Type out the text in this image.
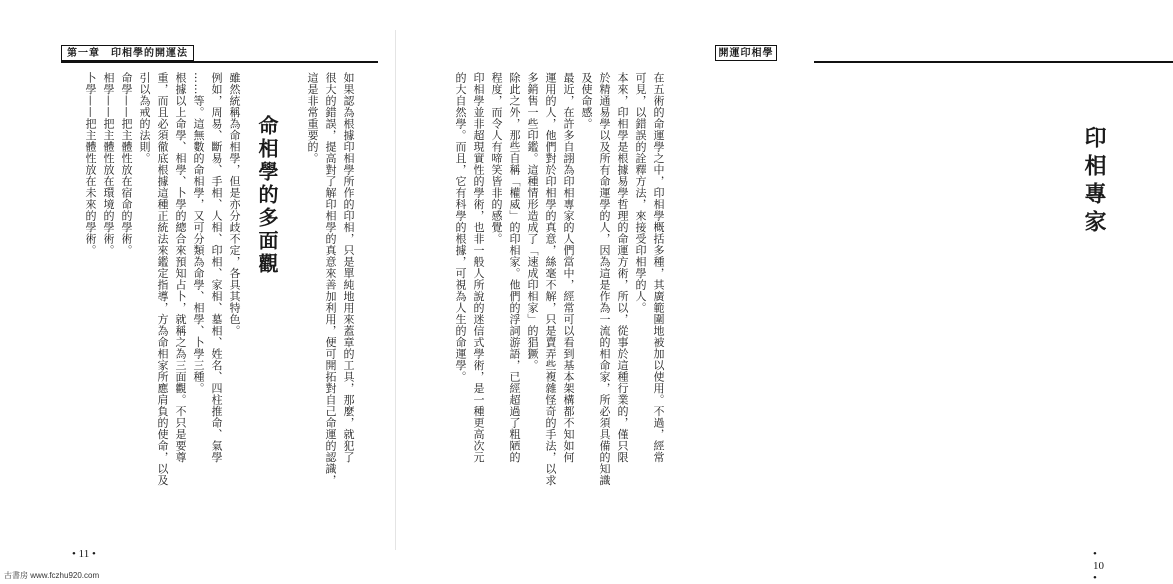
第一章　印相學的開運法
命相學的多面觀
• 11 •
開運印相學
印相專家
• 10 •
在五術的命運學之中，印相學概括多種，其廣範圍地被加以使用。不過，經常
可見，以錯誤的詮釋方法，來接受印相學的人。
本來，印相學是根據易學哲理的命運方術，所以，從事於這種行業的，僅只限
於精通易學以及所有命運學的人，因為這是作為一流的相命家，所必須具備的知識
及使命感。
最近，在許多自詡為印相專家的人們當中，經常可以看到基本架構都不知如何
運用的人，他們對於印相學的真意，絲毫不解，只是賣弄些複雜怪奇的手法，以求
多銷售一些印鑑。這種情形造成了「速成印相家」的猖獗。
除此之外，那些自稱「權威」的印相家。他們的浮詞游語，已經超過了粗陋的
程度，而令人有啼笑皆非的感覺。
印相學並非超現實性的學術，也非一般人所說的迷信式學術，是一種更高次元
的大自然學。而且，它有科學的根據，可視為人生的命運學。
如果認為根據印相學所作的印相，只是單純地用來蓋章的工具，那麼，就犯了
很大的錯誤，提高對了解印相學的真意來善加利用，便可開拓對自己命運的認識，
這是非常重要的。
雖然統稱為命相學，但是亦分歧不定，各具其特色。
例如，周易、斷易、手相、人相、印相、家相、墓相、姓名、四柱推命、氣學
……等。這無數的命相學，又可分類為命學、相學、卜學三種。
根據以上命學、相學、卜學的總合來預知占卜，就稱之為三面觀。不只是要尊
重，而且必須徹底根據這種正統法來鑑定指導，方為命相家所應肩負的使命，以及
引以為戒的法則。
命學——把主體性放在宿命的學術。
相學——把主體性放在環境的學術。
卜學——把主體性放在未來的學術。
古書房 www.fczhu920.com
